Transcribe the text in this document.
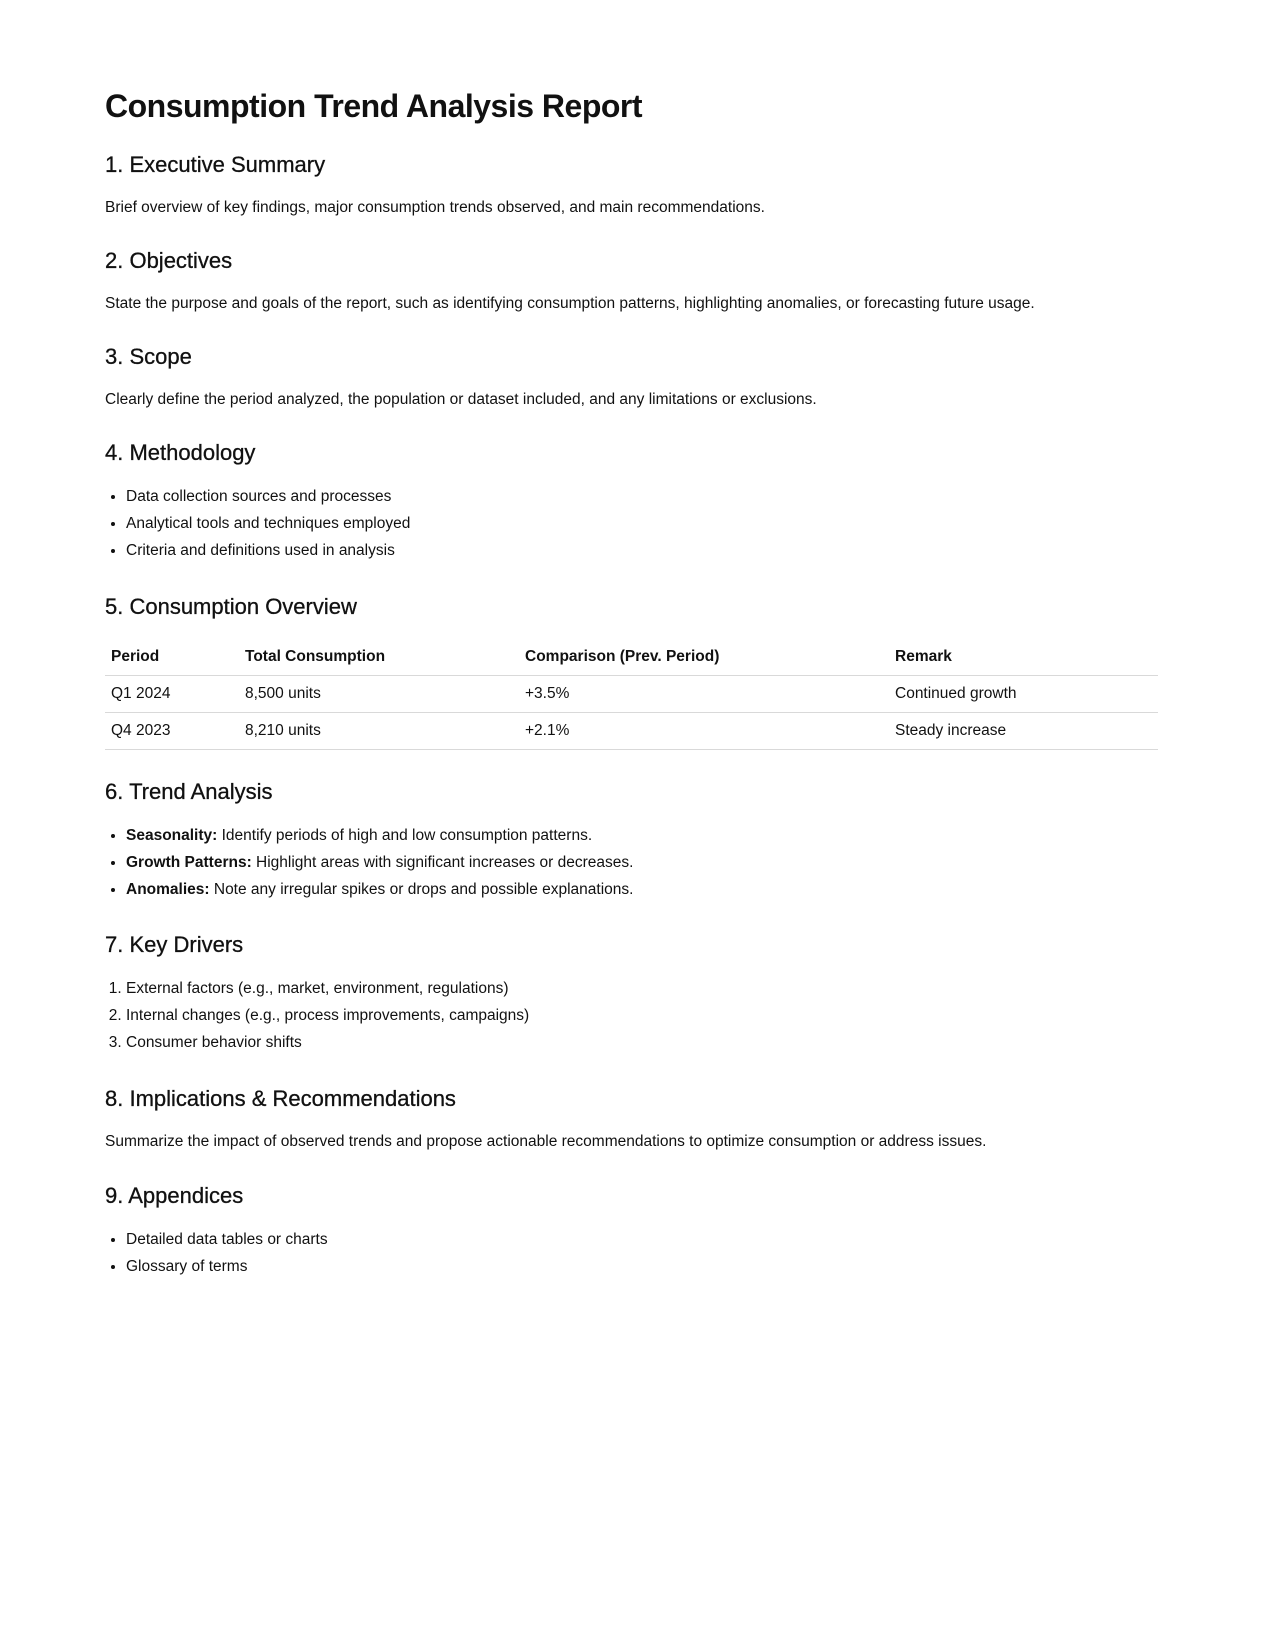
Consumption Trend Analysis Report
1. Executive Summary

Brief overview of key findings, major consumption trends observed, and main recommendations.

2. Objectives

State the purpose and goals of the report, such as identifying consumption patterns, highlighting anomalies, or forecasting future usage.

3. Scope

Clearly define the period analyzed, the population or dataset included, and any limitations or exclusions.

4. Methodology
• Data collection sources and processes
• Analytical tools and techniques employed
• Criteria and definitions used in analysis
5. Consumption Overview
Period	Total Consumption	Comparison (Prev. Period)	Remark
Q1 2024	8,500 units	+3.5%	Continued growth
Q4 2023	8,210 units	+2.1%	Steady increase
6. Trend Analysis
• Seasonality: Identify periods of high and low consumption patterns.
• Growth Patterns: Highlight areas with significant increases or decreases.
• Anomalies: Note any irregular spikes or drops and possible explanations.
7. Key Drivers
1. External factors (e.g., market, environment, regulations)
2. Internal changes (e.g., process improvements, campaigns)
3. Consumer behavior shifts
8. Implications & Recommendations

Summarize the impact of observed trends and propose actionable recommendations to optimize consumption or address issues.

9. Appendices
• Detailed data tables or charts
• Glossary of terms
